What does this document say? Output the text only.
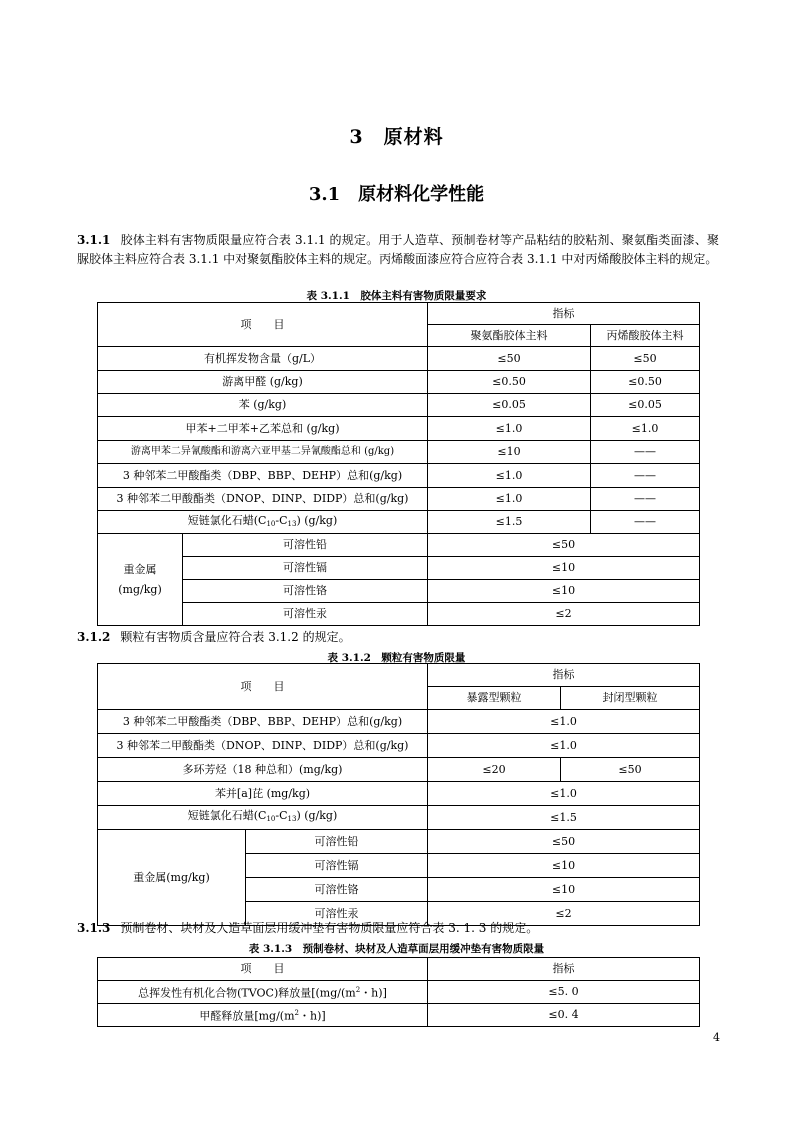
3　原材料
3.1　原材料化学性能
3.1.1 胶体主料有害物质限量应符合表 3.1.1 的规定。用于人造草、预制卷材等产品粘结的胶粘剂、聚氨酯类面漆、聚脲胶体主料应符合表 3.1.1 中对聚氨酯胶体主料的规定。丙烯酸面漆应符合应符合表 3.1.1 中对丙烯酸胶体主料的规定。
表 3.1.1　胶体主料有害物质限量要求
项　　目		指标	
		聚氨酯胶体主料	丙烯酸胶体主料
有机挥发物含量（g/L）		≤50	≤50
游离甲醛 (g/kg)		≤0.50	≤0.50
苯 (g/kg)		≤0.05	≤0.05
甲苯+二甲苯+乙苯总和 (g/kg)		≤1.0	≤1.0
游离甲苯二异氰酸酯和游离六亚甲基二异氰酸酯总和 (g/kg)		≤10	——
3 种邻苯二甲酸酯类（DBP、BBP、DEHP）总和(g/kg)		≤1.0	——
3 种邻苯二甲酸酯类（DNOP、DINP、DIDP）总和(g/kg)		≤1.0	——
短链氯化石蜡$(C_{10}-C_{13})$ (g/kg)		≤1.5	——

重金属
(mg/kg)	可溶性铅	≤50	
	可溶性镉	≤10	
	可溶性铬	≤10	
	可溶性汞	≤2	
3.1.2 颗粒有害物质含量应符合表 3.1.2 的规定。
表 3.1.2　颗粒有害物质限量
项　　目		指标	
		暴露型颗粒	封闭型颗粒
3 种邻苯二甲酸酯类（DBP、BBP、DEHP）总和(g/kg)		≤1.0	
3 种邻苯二甲酸酯类（DNOP、DINP、DIDP）总和(g/kg)		≤1.0	
多环芳烃（18 种总和）(mg/kg)		≤20	≤50
苯并[a]芘 (mg/kg)		≤1.0	
短链氯化石蜡$(C_{10}-C_{13})$ (g/kg)		≤1.5	
重金属(mg/kg)	可溶性铅	≤50	
	可溶性镉	≤10	
	可溶性铬	≤10	
	可溶性汞	≤2	
3.1.3 预制卷材、块材及人造草面层用缓冲垫有害物质限量应符合表 3. 1. 3 的规定。
表 3.1.3　预制卷材、块材及人造草面层用缓冲垫有害物质限量
项　　目	指标
总挥发性有机化合物(TVOC)释放量[($mg/(m^2$・h)]	≤5. 0
甲醛释放量[$mg/(m^2$・h)]	≤0. 4
4
